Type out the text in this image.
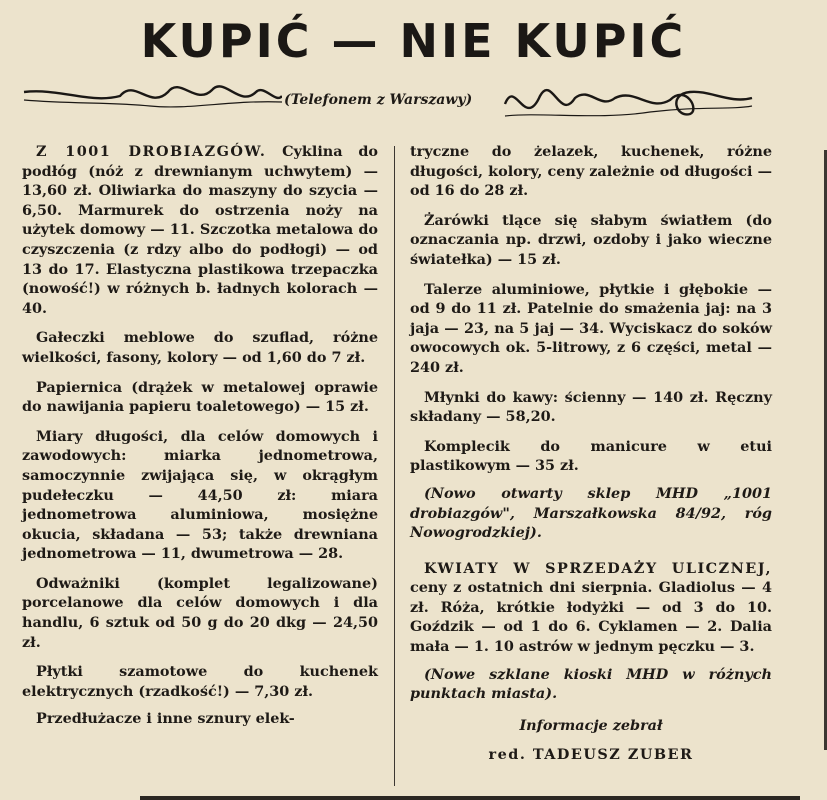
KUPIĆ — NIE KUPIĆ
(Telefonem z Warszawy)

Z 1001 DROBIAZGÓW. Cyklina do podłóg (nóż z drewnianym uchwytem) — 13,60 zł. Oliwiarka do maszyny do szycia — 6,50. Marmurek do ostrzenia noży na użytek domowy — 11. Szczotka metalowa do czyszczenia (z rdzy albo do podłogi) — od 13 do 17. Elastyczna plastikowa trzepaczka (nowość!) w różnych b. ładnych kolorach — 40.

Gałeczki meblowe do szuflad, różne wielkości, fasony, kolory — od 1,60 do 7 zł.

Papiernica (drążek w metalowej oprawie do nawijania papieru toaletowego) — 15 zł.

Miary długości, dla celów domowych i zawodowych: miarka jednometrowa, samoczynnie zwijająca się, w okrągłym pudełeczku — 44,50 zł: miara jednometrowa aluminiowa, mosiężne okucia, składana — 53; także drewniana jednometrowa — 11, dwumetrowa — 28.

Odważniki (komplet legalizowane) porcelanowe dla celów domowych i dla handlu, 6 sztuk od 50 g do 20 dkg — 24,50 zł.

Płytki szamotowe do kuchenek elektrycznych (rzadkość!) — 7,30 zł.

Przedłużacze i inne sznury elek-

tryczne do żelazek, kuchenek, różne długości, kolory, ceny zależnie od długości — od 16 do 28 zł.

Żarówki tlące się słabym światłem (do oznaczania np. drzwi, ozdoby i jako wieczne światełka) — 15 zł.

Talerze aluminiowe, płytkie i głębokie — od 9 do 11 zł. Patelnie do smażenia jaj: na 3 jaja — 23, na 5 jaj — 34. Wyciskacz do soków owocowych ok. 5-litrowy, z 6 części, metal — 240 zł.

Młynki do kawy: ścienny — 140 zł. Ręczny składany — 58,20.

Komplecik do manicure w etui plastikowym — 35 zł.

(Nowo otwarty sklep MHD „1001 drobiazgów", Marszałkowska 84/92, róg Nowogrodzkiej).

KWIATY W SPRZEDAŻY ULICZNEJ, ceny z ostatnich dni sierpnia. Gladiolus — 4 zł. Róża, krótkie łodyżki — od 3 do 10. Goździk — od 1 do 6. Cyklamen — 2. Dalia mała — 1. 10 astrów w jednym pęczku — 3.

(Nowe szklane kioski MHD w różnych punktach miasta).

Informacje zebrał
red. TADEUSZ ZUBER
